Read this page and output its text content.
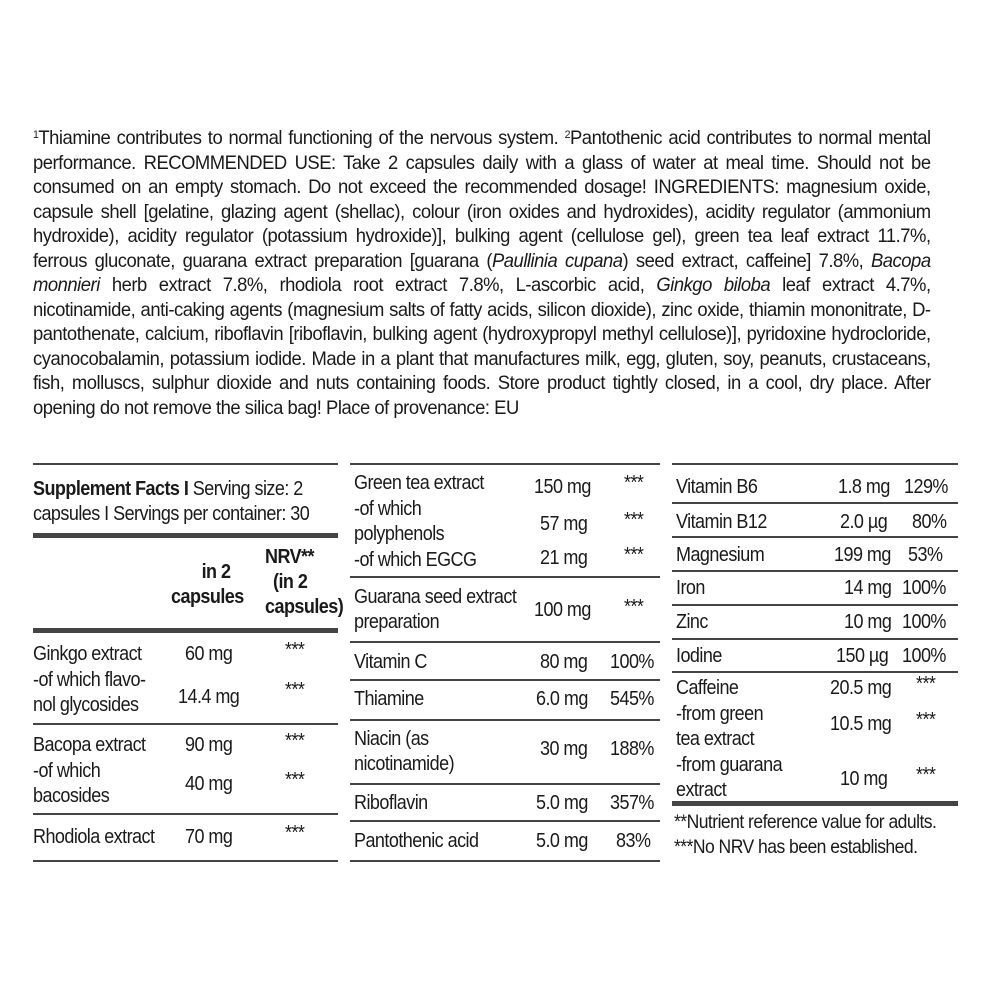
$^1$Thiamine contributes to normal functioning of the nervous system. $^2$Pantothenic acid contributes to normal mental performance. RECOMMENDED USE: Take 2 capsules daily with a glass of water at meal time. Should not be consumed on an empty stomach. Do not exceed the recommended dosage! INGREDIENTS: magnesium oxide, capsule shell [gelatine, glazing agent (shellac), colour (iron oxides and hydroxides), acidity regulator (ammonium hydroxide), acidity regulator (potassium hydroxide)], bulking agent (cellulose gel), green tea leaf extract 11.7%, ferrous gluconate, guarana extract preparation [guarana (Paullinia cupana) seed extract, caffeine] 7.8%, Bacopa monnieri herb extract 7.8%, rhodiola root extract 7.8%, L-ascorbic acid, Ginkgo biloba leaf extract 4.7%, nicotinamide, anti-caking agents (magnesium salts of fatty acids, silicon dioxide), zinc oxide, thiamin mononitrate, D-pantothenate, calcium, riboflavin [riboflavin, bulking agent (hydroxypropyl methyl cellulose)], pyridoxine hydrocloride, cyanocobalamin, potassium iodide. Made in a plant that manufactures milk, egg, gluten, soy, peanuts, crustaceans, fish, molluscs, sulphur dioxide and nuts containing foods. Store product tightly closed, in a cool, dry place. After opening do not remove the silica bag! Place of provenance: EU
Supplement Facts I Serving size: 2
capsules I Servings per container: 30
in 2
capsules
NRV**
(in 2
capsules)
Ginkgo extract 60 mg	***
-of which flavo-
nol glycosides 14.4 mg ***
Bacopa extract 90 mg	***
-of which
bacosides
40 mg	***
Rhodiola extract 70 mg	***
Green tea extract	150 mg ***
-of which
polyphenols	57 mg ***
-of which EGCG	21 mg ***
Guarana seed extract
preparation
100 mg ***
Vitamin C	80 mg 100%
Thiamine	6.0 mg 545%
Niacin (as
nicotinamide)
30 mg 188%
Riboflavin	5.0 mg 357%
Pantothenic acid	5.0 mg 83%
Vitamin B6	1.8 mg 129%
Vitamin B12	2.0 µg 80%
Magnesium	199 mg 53%
Iron	14 mg 100%
Zinc	10 mg 100%
Iodine	150 µg 100%
Caffeine	20.5 mg ***
-from green
tea extract
10.5 mg ***
-from guarana
extract	10 mg ***
**Nutrient reference value for adults.
***No NRV has been established.
